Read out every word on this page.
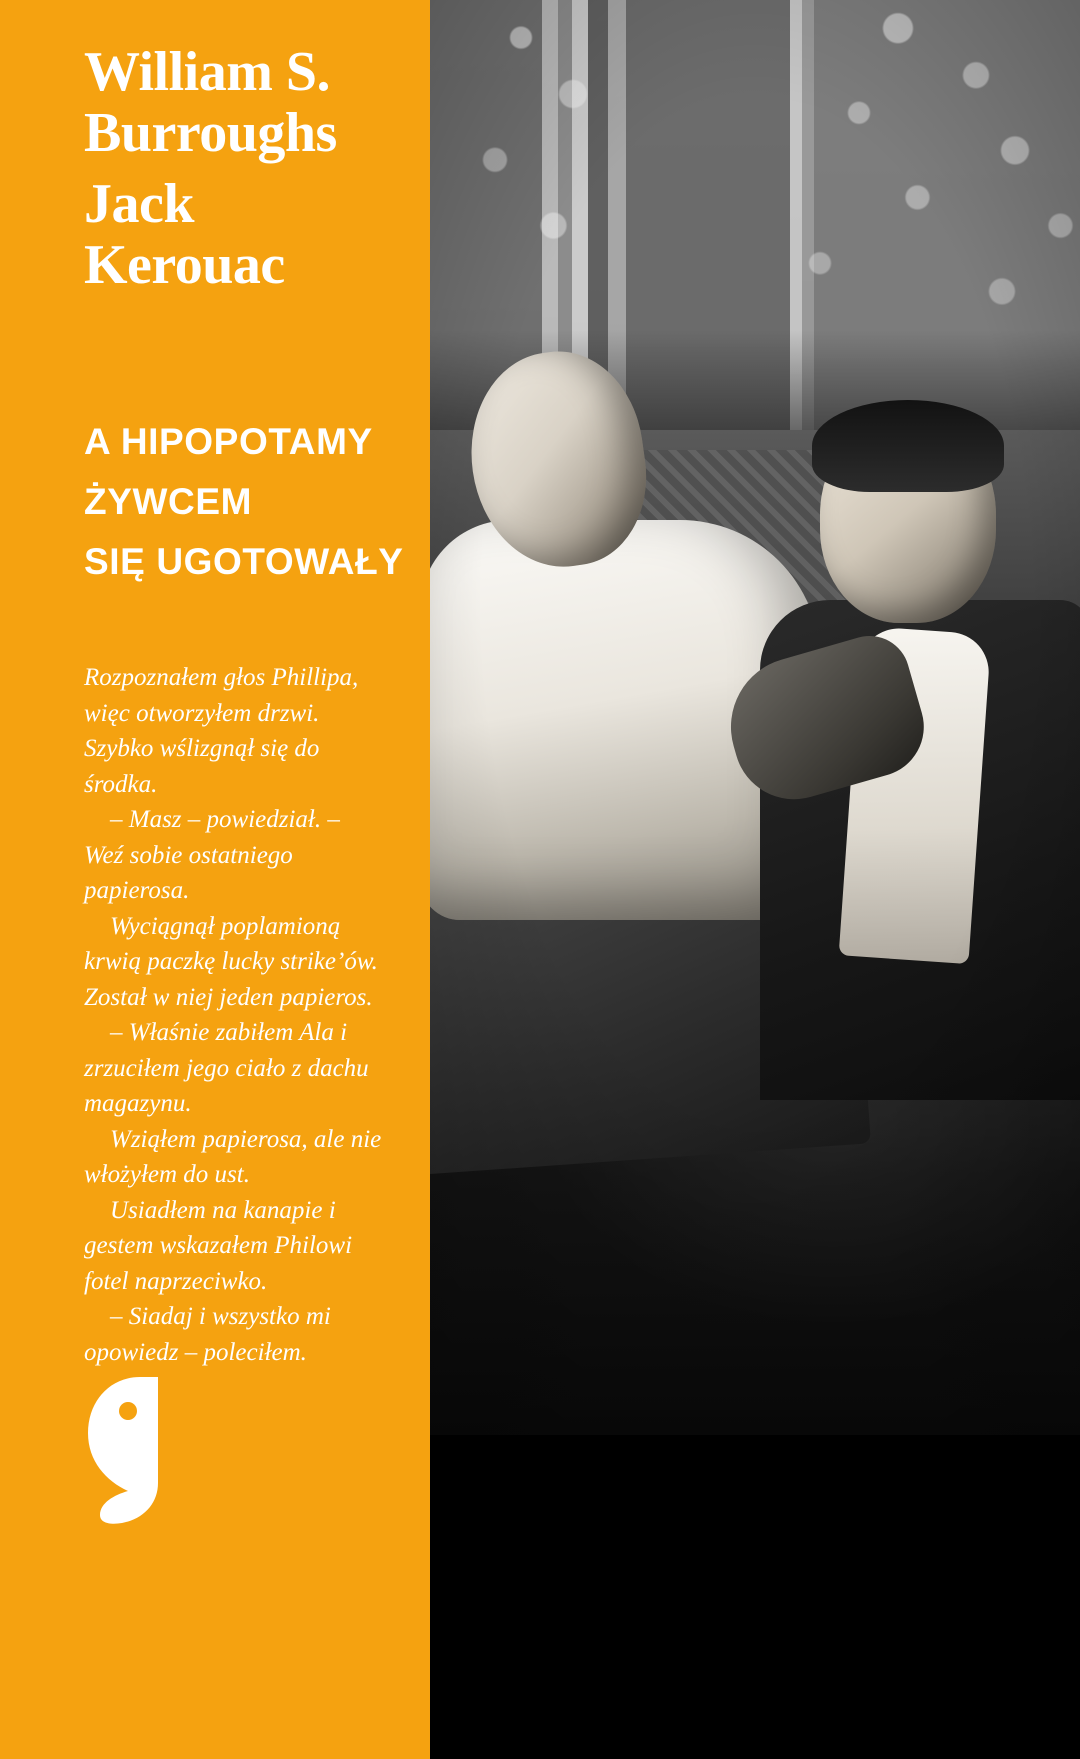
William S.
Burroughs
Jack
Kerouac
A HIPOPOTAMY
ŻYWCEM
SIĘ UGOTOWAŁY

Rozpoznałem głos Phillipa, więc otworzyłem drzwi. Szybko wślizgnął się do środka.

– Masz – powiedział. – Weź sobie ostatniego papierosa.

Wyciągnął poplamioną krwią paczkę lucky strike’ów. Został w niej jeden papieros.

– Właśnie zabiłem Ala i zrzuciłem jego ciało z dachu magazynu.

Wziąłem papierosa, ale nie włożyłem do ust.

Usiadłem na kanapie i gestem wskazałem Philowi fotel naprzeciwko.

– Siadaj i wszystko mi opowiedz – poleciłem.
